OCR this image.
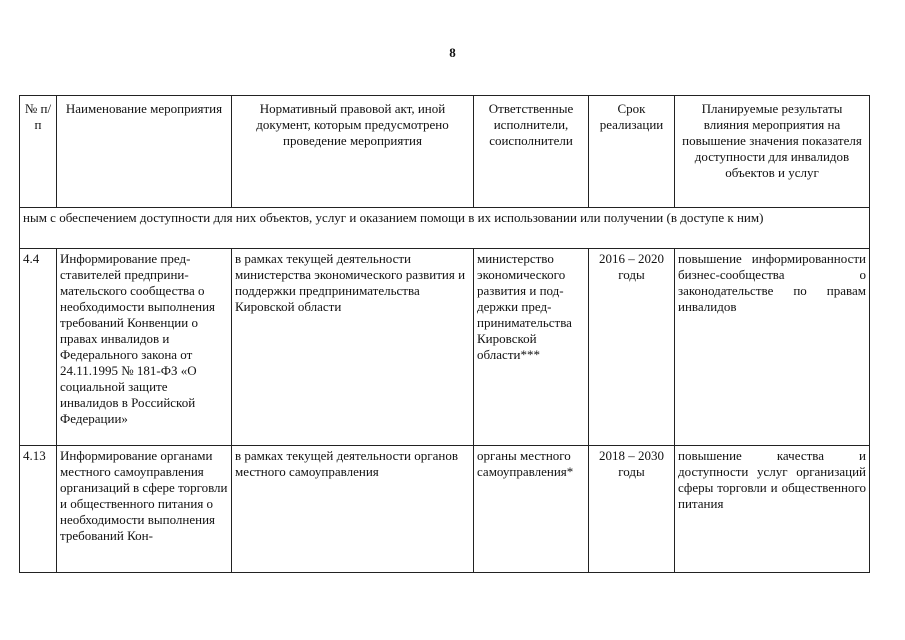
8
№ п/п	Наименование мероприятия	Нормативный правовой акт, иной документ, которым предусмотрено проведение мероприятия	Ответственные исполнители, соисполнители	Срок реализации	Планируемые результаты влияния мероприятия на повышение значения показателя доступности для инвалидов объектов и услуг
ным с обеспечением доступности для них объектов, услуг и оказанием помощи в их использовании или получении (в доступе к ним)					
4.4	Информирование представителей предпринимательского сообщества о необходимости выполнения требований Конвенции о правах инвалидов и Федерального закона от 24.11.1995 № 181-ФЗ «О социальной защите инвалидов в Российской Федерации»	в рамках текущей деятельности министерства экономического развития и поддержки предпринимательства Кировской области	министерство экономического развития и поддержки предпринимательства Кировской области***	2016 – 2020 годы	повышение информированности бизнес-сообщества о законодательстве по правам инвалидов
4.13	Информирование органами местного самоуправления организаций в сфере торговли и общественного питания о необходимости выполнения требований Кон-	в рамках текущей деятельности органов местного самоуправления	органы местного самоуправления*	2018 – 2030 годы	повышение качества и доступности услуг организаций сферы торговли и общественного питания
